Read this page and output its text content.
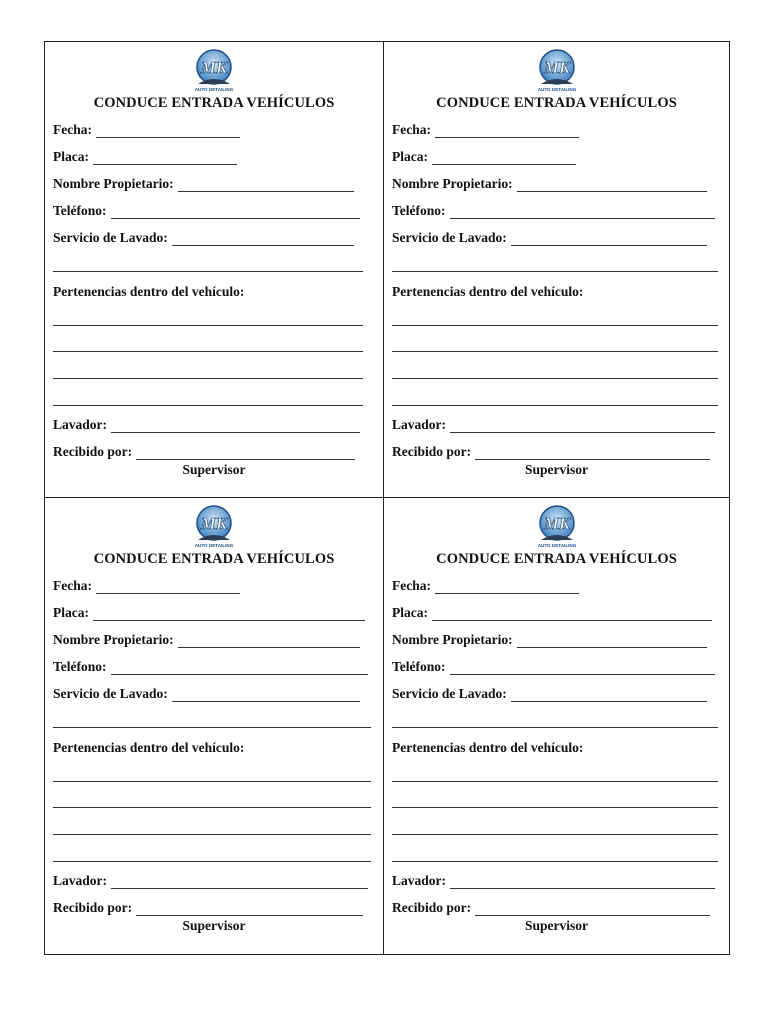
MK
AUTO DETAILING
CONDUCE ENTRADA VEHÍCULOS
Fecha:
Placa:
Nombre Propietario:
Teléfono:
Servicio de Lavado:
Pertenencias dentro del vehículo:
Lavador:
Recibido por:
Supervisor
MK
AUTO DETAILING
CONDUCE ENTRADA VEHÍCULOS
Fecha:
Placa:
Nombre Propietario:
Teléfono:
Servicio de Lavado:
Pertenencias dentro del vehículo:
Lavador:
Recibido por:
Supervisor
MK
AUTO DETAILING
CONDUCE ENTRADA VEHÍCULOS
Fecha:
Placa:
Nombre Propietario:
Teléfono:
Servicio de Lavado:
Pertenencias dentro del vehículo:
Lavador:
Recibido por:
Supervisor
MK
AUTO DETAILING
CONDUCE ENTRADA VEHÍCULOS
Fecha:
Placa:
Nombre Propietario:
Teléfono:
Servicio de Lavado:
Pertenencias dentro del vehículo:
Lavador:
Recibido por:
Supervisor
